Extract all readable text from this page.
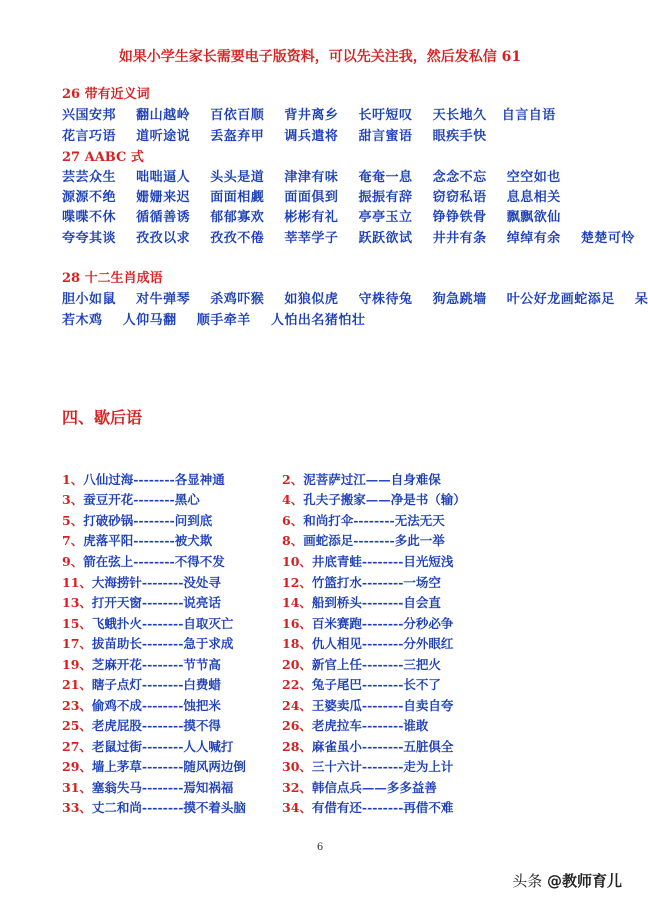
如果小学生家长需要电子版资料，可以先关注我，然后发私信 61
26 带有近义词
兴国安邦 翻山越岭 百依百顺 背井离乡 长吁短叹 天长地久 自言自语
花言巧语 道听途说 丢盔弃甲 调兵遣将 甜言蜜语 眼疾手快
27 AABC 式
芸芸众生 咄咄逼人 头头是道 津津有味 奄奄一息 念念不忘 空空如也
源源不绝 姗姗来迟 面面相觑 面面俱到 振振有辞 窃窃私语 息息相关
喋喋不休 循循善诱 郁郁寡欢 彬彬有礼 亭亭玉立 铮铮铁骨 飘飘欲仙
夸夸其谈 孜孜以求 孜孜不倦 莘莘学子 跃跃欲试 井井有条 绰绰有余 楚楚可怜
28 十二生肖成语
胆小如鼠 对牛弹琴 杀鸡吓猴 如狼似虎 守株待兔 狗急跳墙 叶公好龙画蛇添足 呆
若木鸡 人仰马翻 顺手牵羊 人怕出名猪怕壮
四、歇后语
1、八仙过海--------各显神通
3、蚕豆开花--------黑心
5、打破砂锅--------问到底
7、虎落平阳--------被犬欺
9、箭在弦上--------不得不发
11、大海捞针--------没处寻
13、打开天窗--------说亮话
15、飞蛾扑火--------自取灭亡
17、拔苗助长--------急于求成
19、芝麻开花--------节节高
21、瞎子点灯--------白费蜡
23、偷鸡不成--------蚀把米
25、老虎屁股--------摸不得
27、老鼠过街--------人人喊打
29、墙上茅草--------随风两边倒
31、塞翁失马--------焉知祸福
33、丈二和尚--------摸不着头脑
2、泥菩萨过江——自身难保
4、孔夫子搬家——净是书（输）
6、和尚打伞--------无法无天
8、画蛇添足--------多此一举
10、井底青蛙--------目光短浅
12、竹篮打水--------一场空
14、船到桥头--------自会直
16、百米赛跑--------分秒必争
18、仇人相见--------分外眼红
20、新官上任--------三把火
22、兔子尾巴--------长不了
24、王婆卖瓜--------自卖自夸
26、老虎拉车--------谁敢
28、麻雀虽小--------五脏俱全
30、三十六计--------走为上计
32、韩信点兵——多多益善
34、有借有还--------再借不难
6
头条 @教师育儿
